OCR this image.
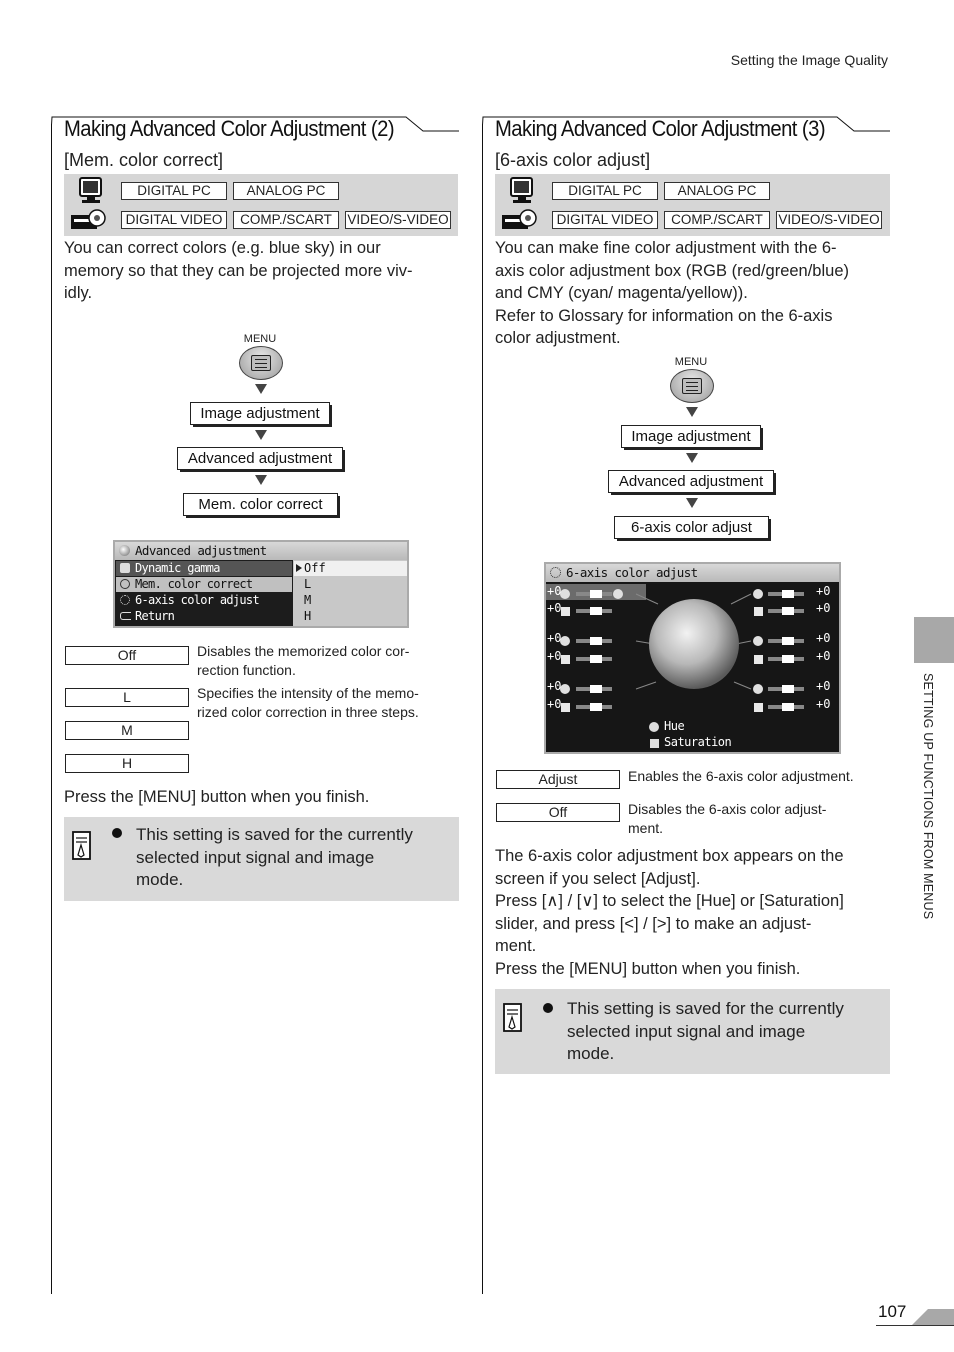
Setting the Image Quality
Making Advanced Color Adjustment (2)
[Mem. color correct]
DIGITAL PC	ANALOG PC
DIGITAL VIDEO	COMP./SCART	VIDEO/S-VIDEO
You can correct colors (e.g. blue sky) in our
memory so that they can be projected more viv-
idly.
MENU
Image adjustment
Advanced adjustment
Mem. color correct
Advanced adjustment
Dynamic gamma
Mem. color correct
6-axis color adjust
Return
Off
L
M
H
Off	Disables the memorized color cor-
rection function.
L	Specifies the intensity of the memo-
rized color correction in three steps.
M
H
Press the [MENU] button when you finish.
This setting is saved for the currently
selected input signal and image
mode.
Making Advanced Color Adjustment (3)
[6-axis color adjust]
DIGITAL PC	ANALOG PC
DIGITAL VIDEO	COMP./SCART	VIDEO/S-VIDEO
You can make fine color adjustment with the 6-
axis color adjustment box (RGB (red/green/blue)
and CMY (cyan/ magenta/yellow)).
Refer to Glossary for information on the 6-axis
color adjustment.
MENU
Image adjustment
Advanced adjustment
6-axis color adjust
6-axis color adjust
+0
+0
+0
+0
+0
+0
+0
+0
+0
+0
+0
+0
Hue
Saturation
Adjust	Enables the 6-axis color adjustment.
Off	Disables the 6-axis color adjust-
ment.
The 6-axis color adjustment box appears on the
screen if you select [Adjust].
Press [∧] / [∨] to select the [Hue] or [Saturation]
slider, and press [<] / [>] to make an adjust-
ment.
Press the [MENU] button when you finish.
This setting is saved for the currently
selected input signal and image
mode.
SETTING UP FUNCTIONS FROM MENUS
107
